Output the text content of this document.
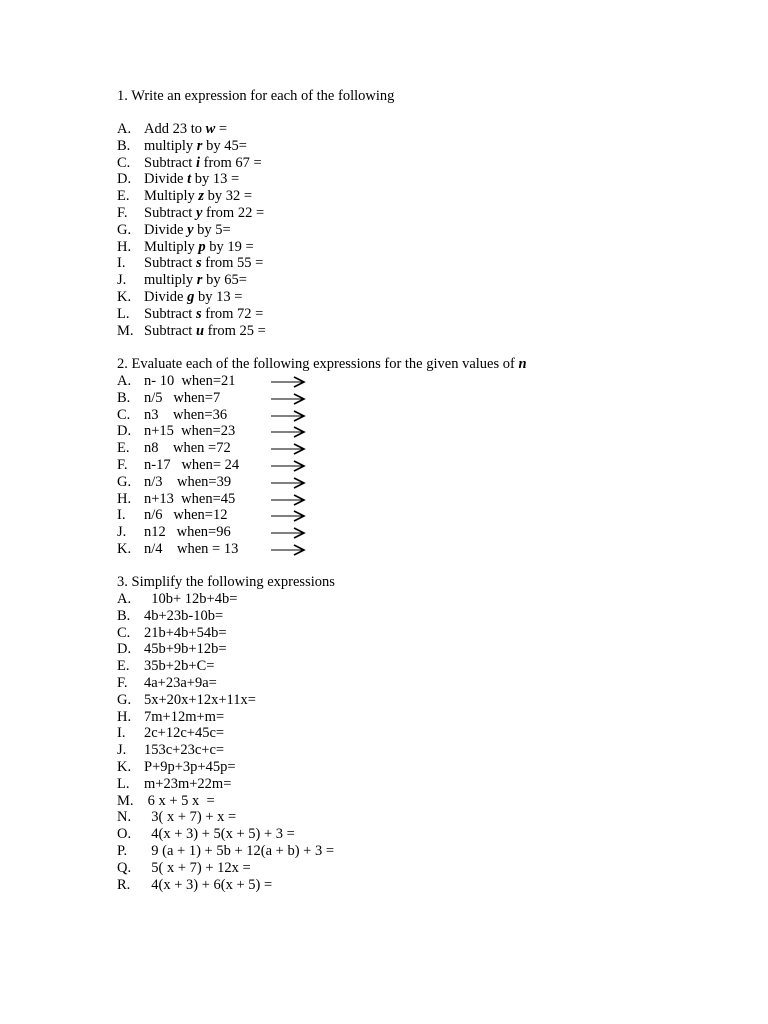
1. Write an expression for each of the following
A. Add 23 to w =
B. multiply r by 45=
C. Subtract i from 67 =
D. Divide t by 13 =
E. Multiply z by 32 =
F. Subtract y from 22 =
G. Divide y by 5=
H. Multiply p by 19 =
I. Subtract s from 55 =
J. multiply r by 65=
K. Divide g by 13 =
L. Subtract s from 72 =
M. Subtract u from 25 =
2. Evaluate each of the following expressions for the given values of n
A. n- 10  when=21
B. n/5   when=7
C. n3    when=36
D. n+15  when=23
E. n8    when =72
F. n-17   when= 24
G. n/3    when=39
H. n+13  when=45
I. n/6   when=12
J. n12   when=96
K. n/4    when = 13
3. Simplify the following expressions
A. 10b+ 12b+4b=
B. 4b+23b-10b=
C. 21b+4b+54b=
D. 45b+9b+12b=
E. 35b+2b+C=
F. 4a+23a+9a=
G. 5x+20x+12x+11x=
H. 7m+12m+m=
I. 2c+12c+45c=
J. 153c+23c+c=
K. P+9p+3p+45p=
L. m+23m+22m=
M. 6 x + 5 x  =
N. 3( x + 7) + x =
O. 4(x + 3) + 5(x + 5) + 3 =
P. 9 (a + 1) + 5b + 12(a + b) + 3 =
Q. 5( x + 7) + 12x =
R. 4(x + 3) + 6(x + 5) =
